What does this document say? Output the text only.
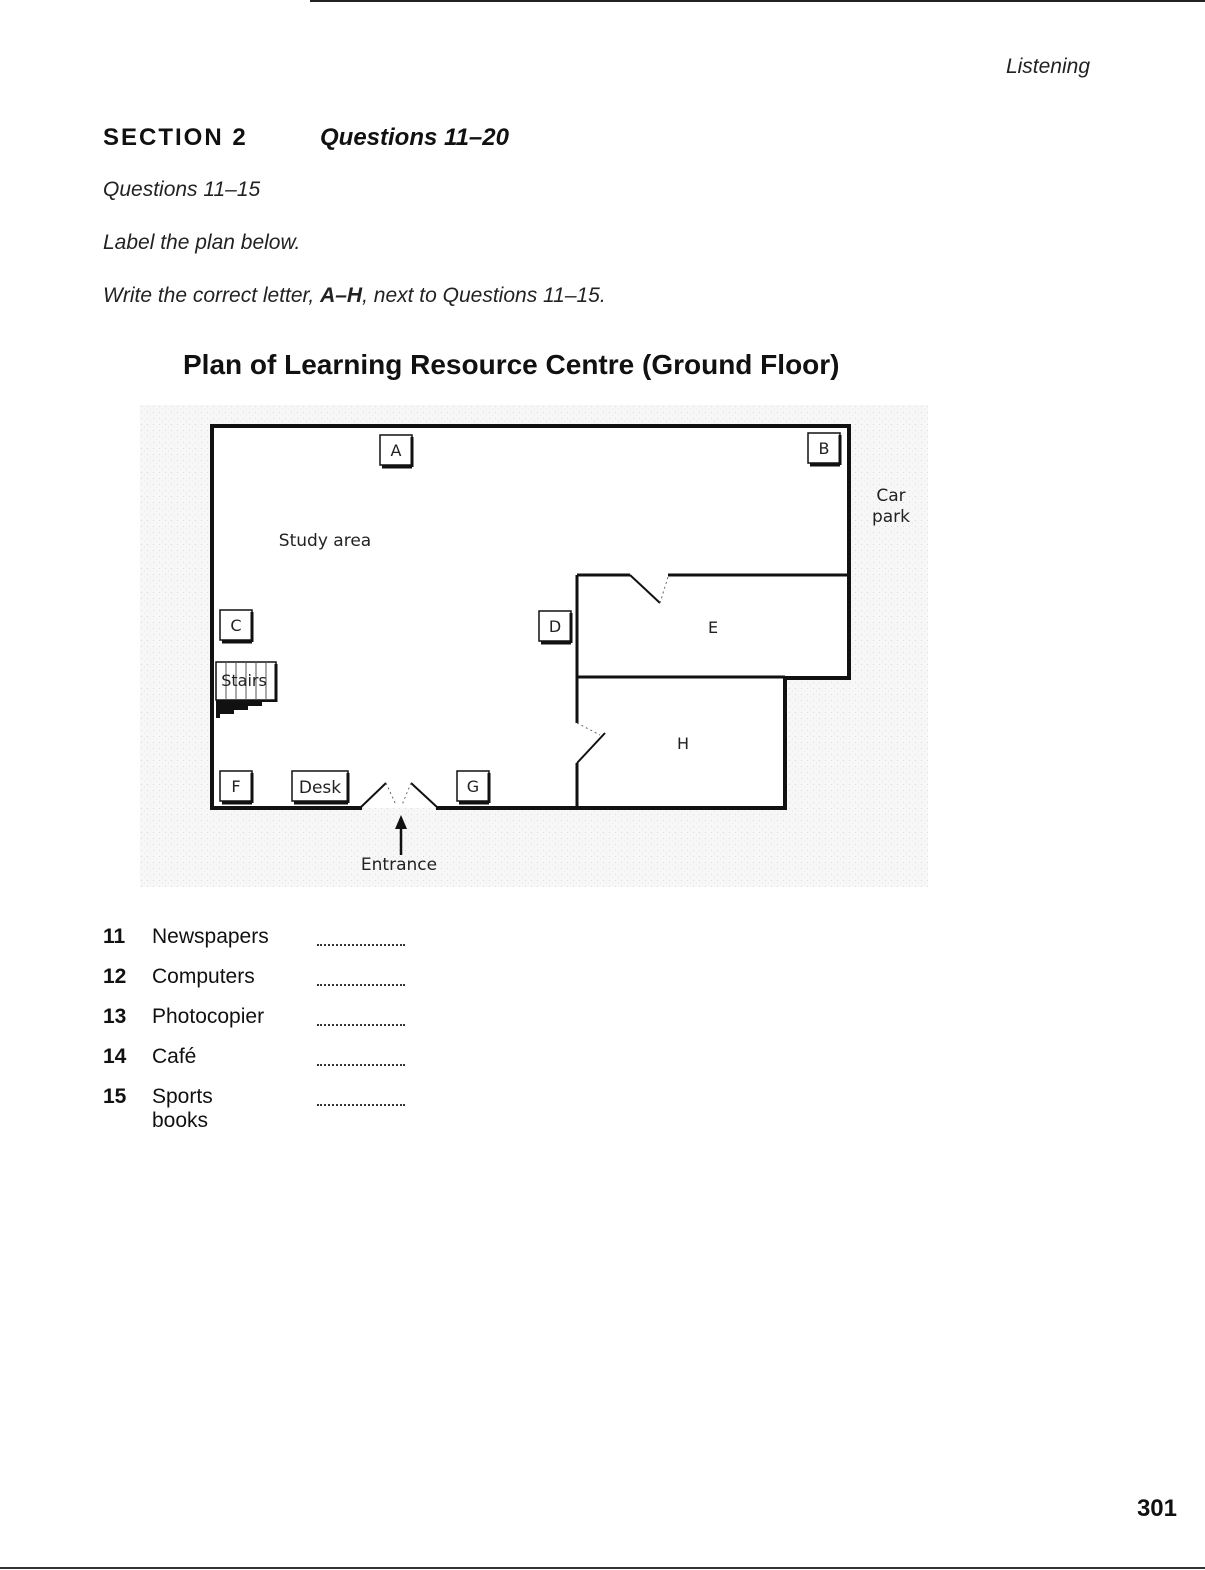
Listening
SECTION 2	Questions 11–20
Questions 11–15
Label the plan below.
Write the correct letter, A–H, next to Questions 11–15.
Plan of Learning Resource Centre (Ground Floor)
Stairs
A	B
C	D
F	G
Desk
Study area
E
H
Car
park
Entrance
11 Newspapers
12 Computers
13 Photocopier
14 Café
15 Sports books
301
